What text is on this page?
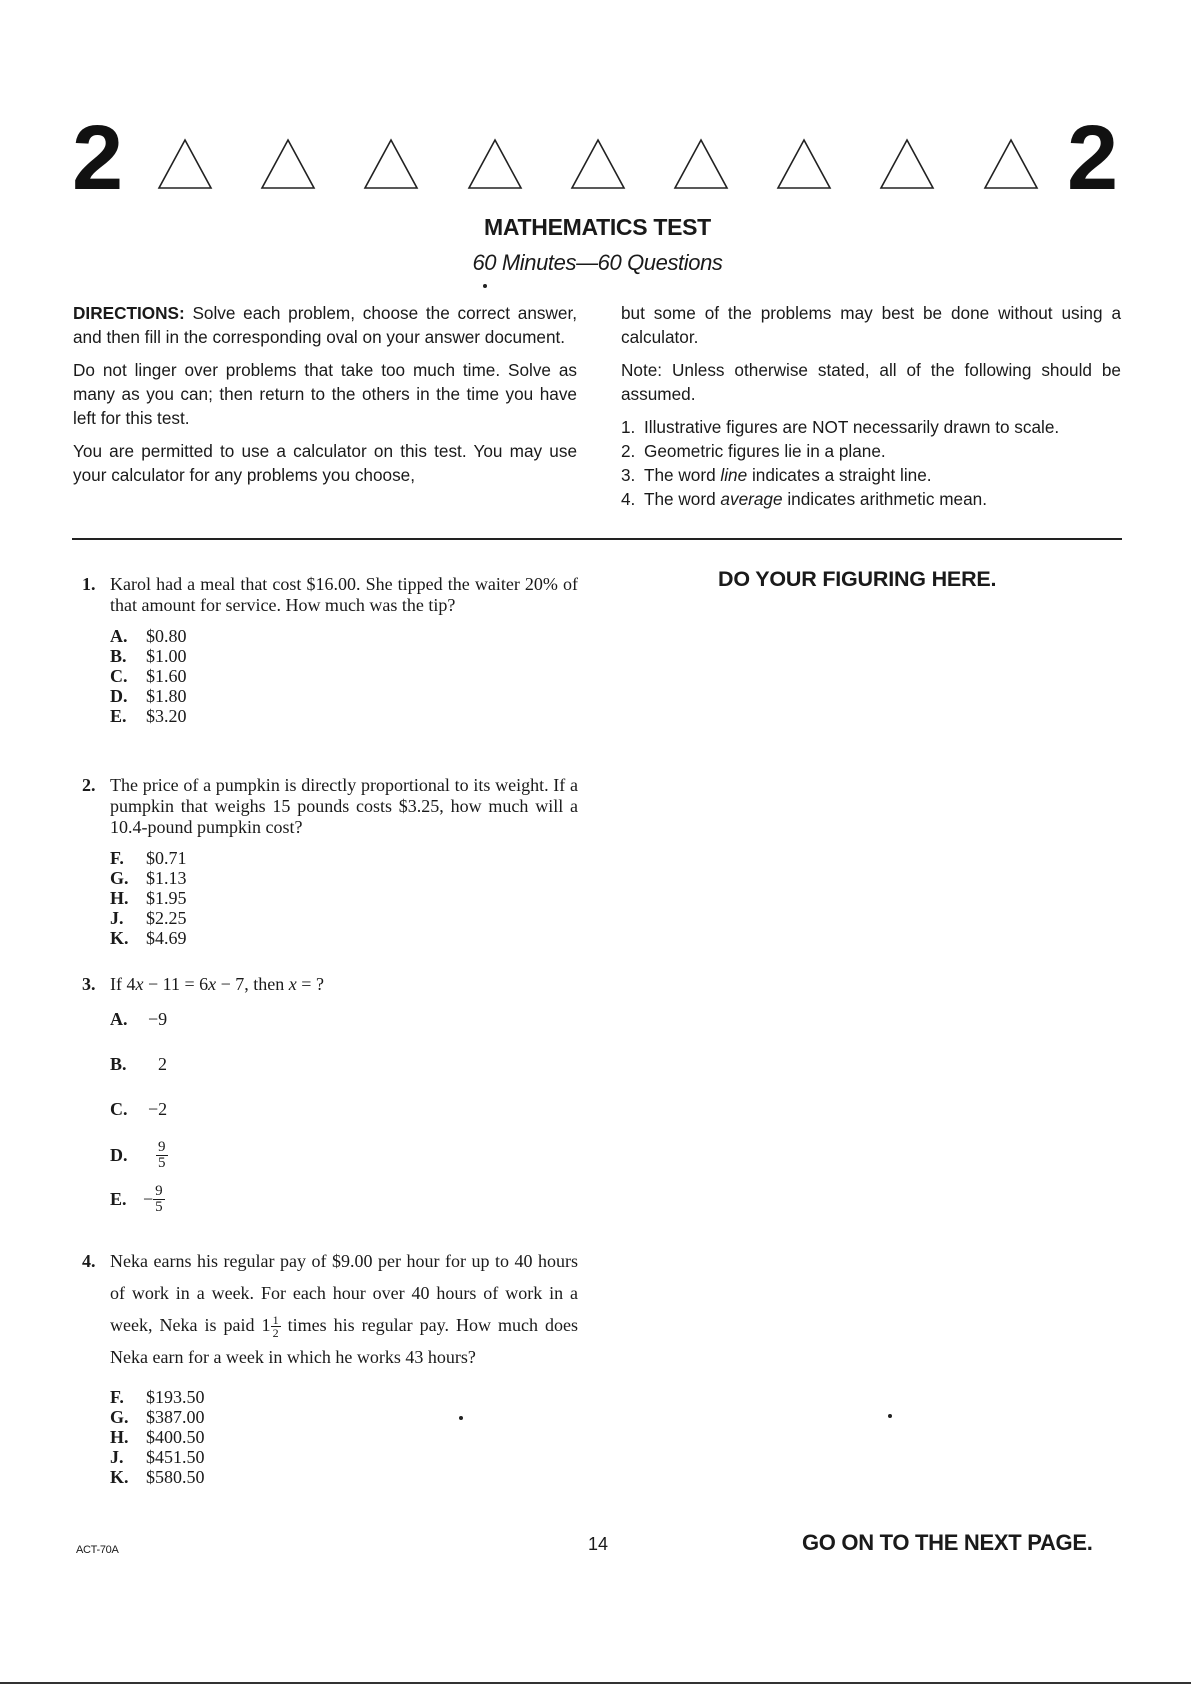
2	2
MATHEMATICS TEST
60 Minutes—60 Questions

DIRECTIONS: Solve each problem, choose the correct answer, and then fill in the corresponding oval on your answer document.

Do not linger over problems that take too much time. Solve as many as you can; then return to the others in the time you have left for this test.

You are permitted to use a calculator on this test. You may use your calculator for any problems you choose,

but some of the problems may best be done without using a calculator.

Note: Unless otherwise stated, all of the following should be assumed.

1. Illustrative figures are NOT necessarily drawn to scale.
2. Geometric figures lie in a plane.
3. The word line indicates a straight line.
4. The word average indicates arithmetic mean.
DO YOUR FIGURING HERE.
1. Karol had a meal that cost $16.00. She tipped the waiter 20% of that amount for service. How much was the tip?
A.	$0.80
B.	$1.00
C.	$1.60
D.	$1.80
E.	$3.20
2. The price of a pumpkin is directly proportional to its weight. If a pumpkin that weighs 15 pounds costs $3.25, how much will a 10.4-pound pumpkin cost?
F.	$0.71
G. $1.13
H. $1.95
J.	$2.25
K. $4.69
3. If 4x − 11 = 6x − 7, then x = ?
A.	−9
B.	2
C.	−2
D.	$\frac{9}{5}$
E. − $\frac{9}{5}$
4. Neka earns his regular pay of $9.00 per hour for up to 40 hours of work in a week. For each hour over 40 hours of work in a week, Neka is paid $1 \frac{1}{2}$ times his regular pay. How much does Neka earn for a week in which he works 43 hours?
F.	$193.50
G. $387.00
H. $400.50
J.	$451.50
K. $580.50
ACT-70A	14	GO ON TO THE NEXT PAGE.
